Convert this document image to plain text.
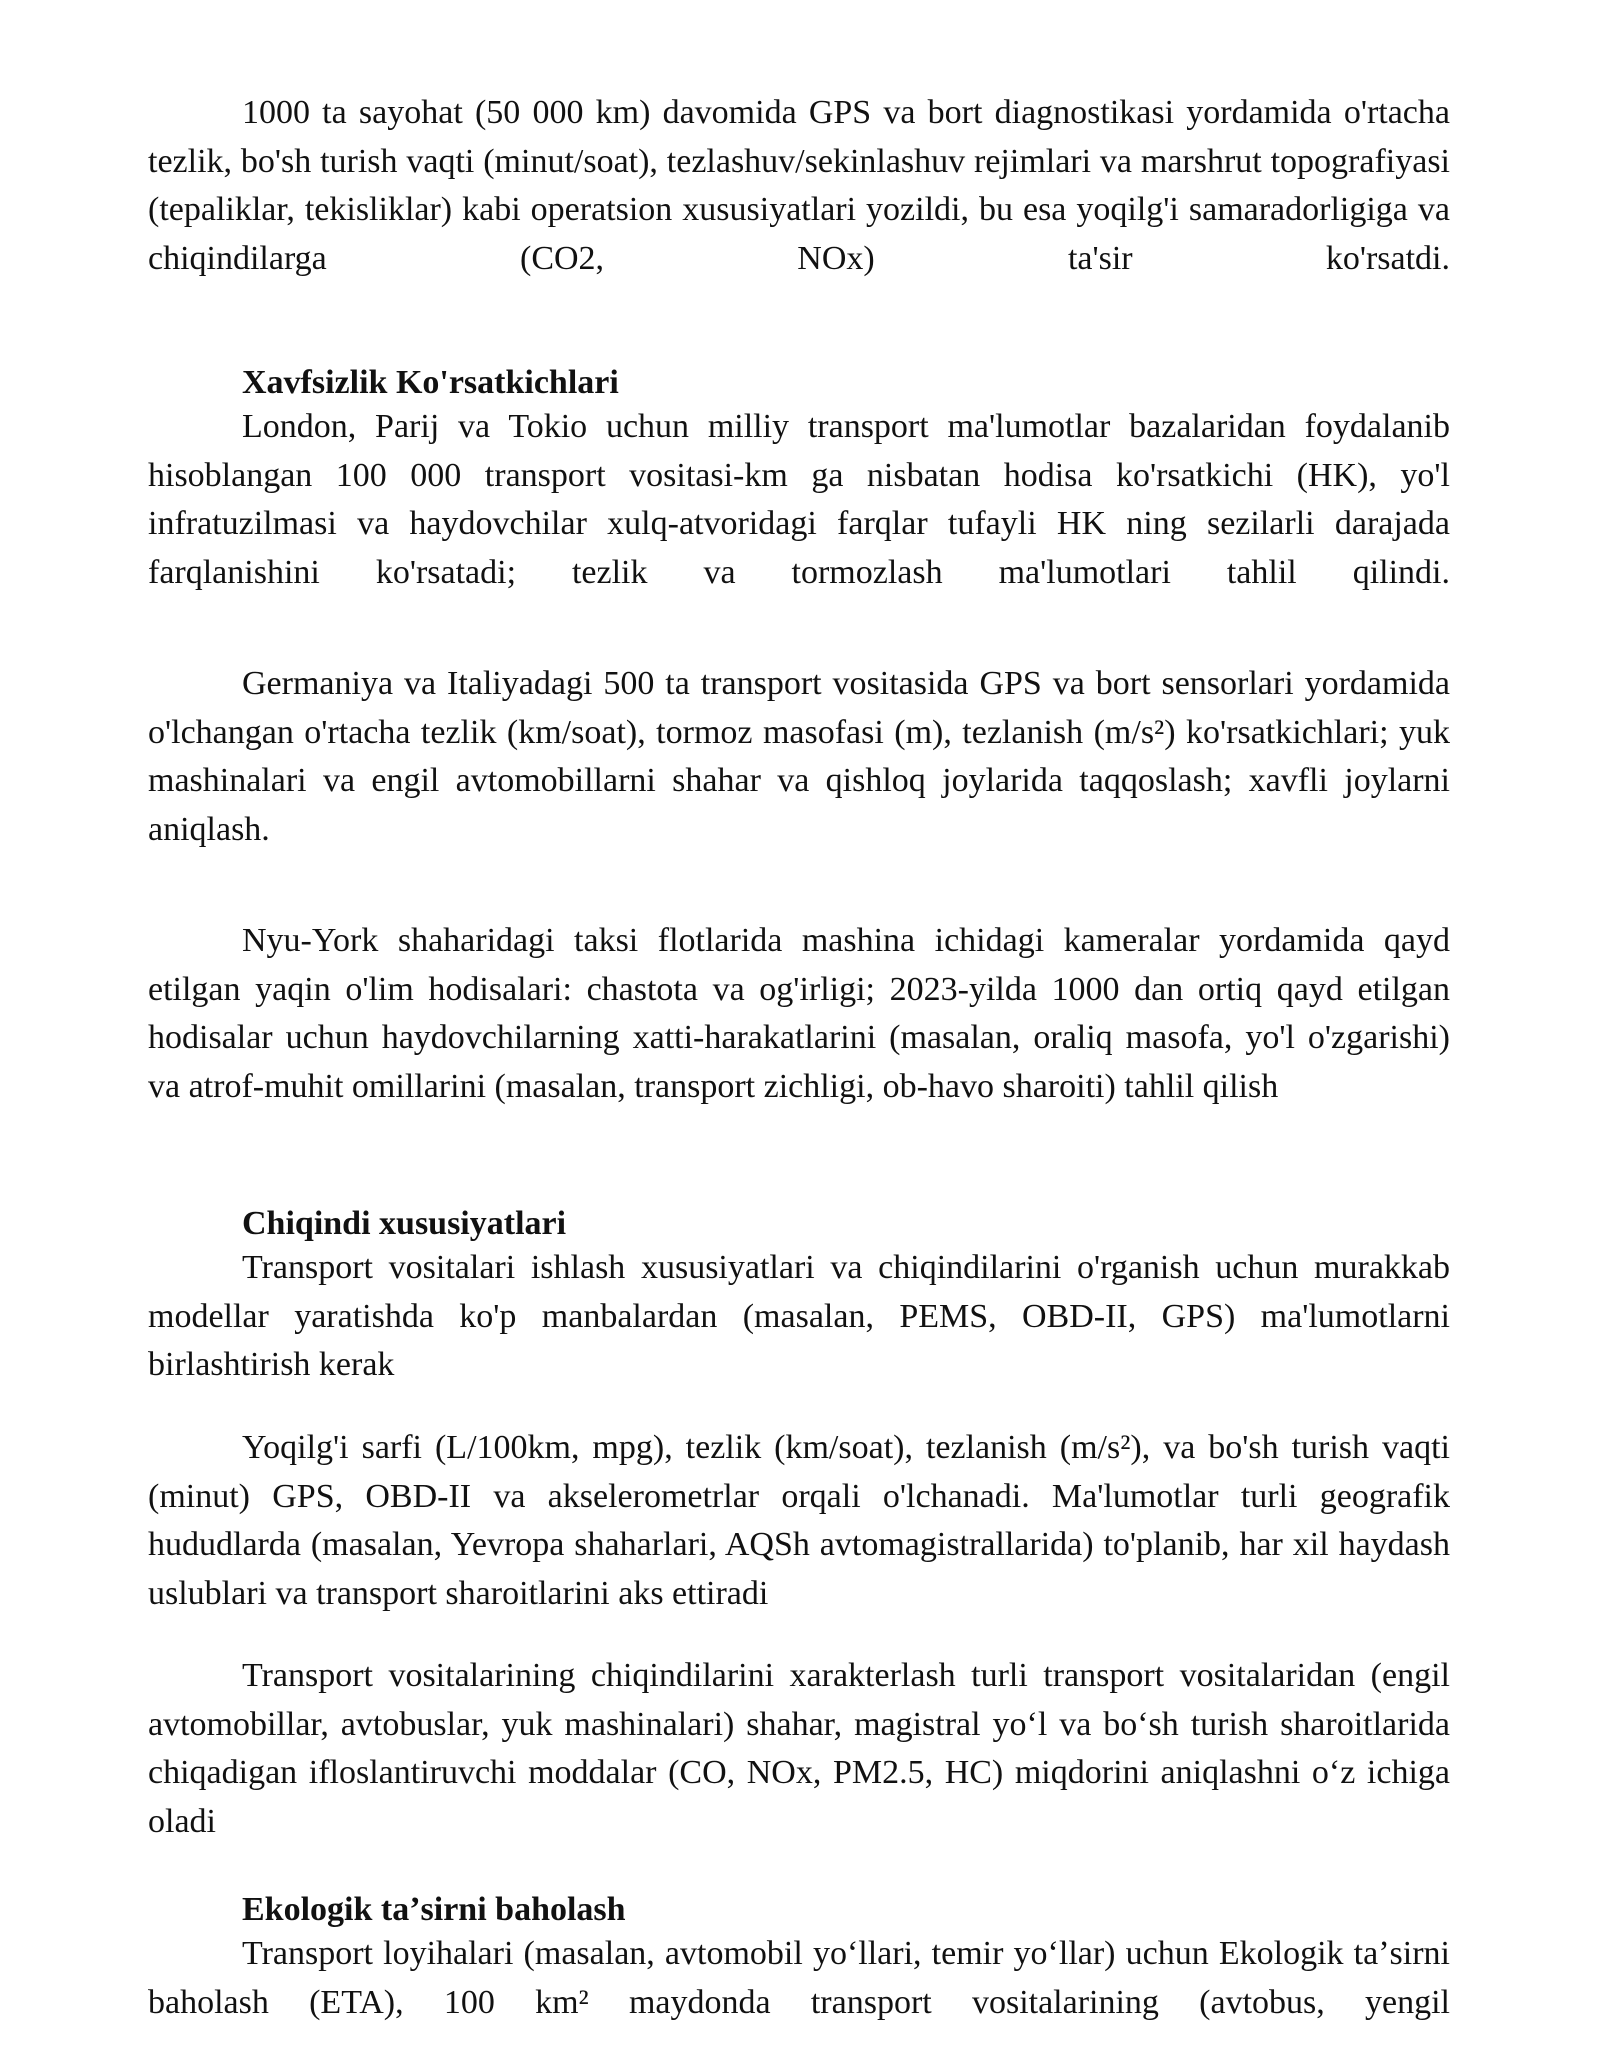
1000 ta sayohat (50 000 km) davomida GPS va bort diagnostikasi yordamida o'rtacha tezlik, bo'sh turish vaqti (minut/soat), tezlashuv/sekinlashuv rejimlari va marshrut topografiyasi (tepaliklar, tekisliklar) kabi operatsion xususiyatlari yozildi, bu esa yoqilg'i samaradorligiga va chiqindilarga (CO2, NOx) ta'sir ko'rsatdi.

Xavfsizlik Ko'rsatkichlari

London, Parij va Tokio uchun milliy transport ma'lumotlar bazalaridan foydalanib hisoblangan 100 000 transport vositasi-km ga nisbatan hodisa ko'rsatkichi (HK), yo'l infratuzilmasi va haydovchilar xulq-atvoridagi farqlar tufayli HK ning sezilarli darajada farqlanishini ko'rsatadi; tezlik va tormozlash ma'lumotlari tahlil qilindi.

Germaniya va Italiyadagi 500 ta transport vositasida GPS va bort sensorlari yordamida o'lchangan o'rtacha tezlik (km/soat), tormoz masofasi (m), tezlanish (m/s²) ko'rsatkichlari; yuk mashinalari va engil avtomobillarni shahar va qishloq joylarida taqqoslash; xavfli joylarni aniqlash.

Nyu-York shaharidagi taksi flotlarida mashina ichidagi kameralar yordamida qayd etilgan yaqin o'lim hodisalari: chastota va og'irligi; 2023-yilda 1000 dan ortiq qayd etilgan hodisalar uchun haydovchilarning xatti-harakatlarini (masalan, oraliq masofa, yo'l o'zgarishi) va atrof-muhit omillarini (masalan, transport zichligi, ob-havo sharoiti) tahlil qilish

Chiqindi xususiyatlari

Transport vositalari ishlash xususiyatlari va chiqindilarini o'rganish uchun murakkab modellar yaratishda ko'p manbalardan (masalan, PEMS, OBD-II, GPS) ma'lumotlarni birlashtirish kerak

Yoqilg'i sarfi (L/100km, mpg), tezlik (km/soat), tezlanish (m/s²), va bo'sh turish vaqti (minut) GPS, OBD-II va akselerometrlar orqali o'lchanadi. Ma'lumotlar turli geografik hududlarda (masalan, Yevropa shaharlari, AQSh avtomagistrallarida) to'planib, har xil haydash uslublari va transport sharoitlarini aks ettiradi

Transport vositalarining chiqindilarini xarakterlash turli transport vositalaridan (engil avtomobillar, avtobuslar, yuk mashinalari) shahar, magistral yoʻl va boʻsh turish sharoitlarida chiqadigan ifloslantiruvchi moddalar (CO, NOx, PM2.5, HC) miqdorini aniqlashni oʻz ichiga oladi

Ekologik taʼsirni baholash

Transport loyihalari (masalan, avtomobil yoʻllari, temir yoʻllar) uchun Ekologik taʼsirni baholash (ETA), 100 km² maydonda transport vositalarining (avtobus, yengil
